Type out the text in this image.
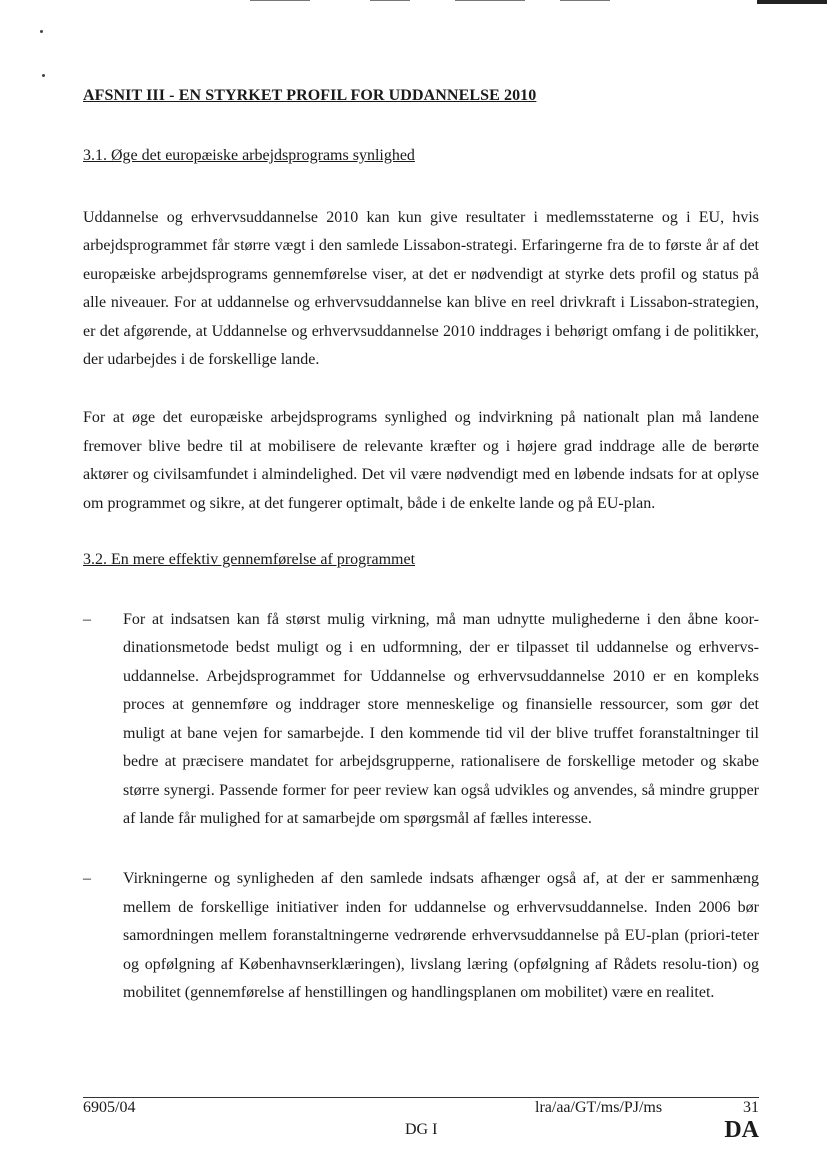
AFSNIT III - EN STYRKET PROFIL FOR UDDANNELSE 2010
3.1. Øge det europæiske arbejdsprograms synlighed

Uddannelse og erhvervsuddannelse 2010 kan kun give resultater i medlemsstaterne og i EU, hvis arbejdsprogrammet får større vægt i den samlede Lissabon-strategi. Erfaringerne fra de to første år af det europæiske arbejdsprograms gennemførelse viser, at det er nødvendigt at styrke dets profil og status på alle niveauer. For at uddannelse og erhvervsuddannelse kan blive en reel drivkraft i Lissabon-strategien, er det afgørende, at Uddannelse og erhvervsuddannelse 2010 inddrages i behørigt omfang i de politikker, der udarbejdes i de forskellige lande.

For at øge det europæiske arbejdsprograms synlighed og indvirkning på nationalt plan må landene fremover blive bedre til at mobilisere de relevante kræfter og i højere grad inddrage alle de berørte aktører og civilsamfundet i almindelighed. Det vil være nødvendigt med en løbende indsats for at oplyse om programmet og sikre, at det fungerer optimalt, både i de enkelte lande og på EU-plan.

3.2. En mere effektiv gennemførelse af programmet
– For at indsatsen kan få størst mulig virkning, må man udnytte mulighederne i den åbne koor-dinationsmetode bedst muligt og i en udformning, der er tilpasset til uddannelse og erhvervs-uddannelse. Arbejdsprogrammet for Uddannelse og erhvervsuddannelse 2010 er en kompleks proces at gennemføre og inddrager store menneskelige og finansielle ressourcer, som gør det muligt at bane vejen for samarbejde. I den kommende tid vil der blive truffet foranstaltninger til bedre at præcisere mandatet for arbejdsgrupperne, rationalisere de forskellige metoder og skabe større synergi. Passende former for peer review kan også udvikles og anvendes, så mindre grupper af lande får mulighed for at samarbejde om spørgsmål af fælles interesse.

– Virkningerne og synligheden af den samlede indsats afhænger også af, at der er sammenhæng mellem de forskellige initiativer inden for uddannelse og erhvervsuddannelse. Inden 2006 bør samordningen mellem foranstaltningerne vedrørende erhvervsuddannelse på EU-plan (priori-teter og opfølgning af Københavnserklæringen), livslang læring (opfølgning af Rådets resolu-tion) og mobilitet (gennemførelse af henstillingen og handlingsplanen om mobilitet) være en realitet.

6905/04
DG I
lra/aa/GT/ms/PJ/ms	31
DA
